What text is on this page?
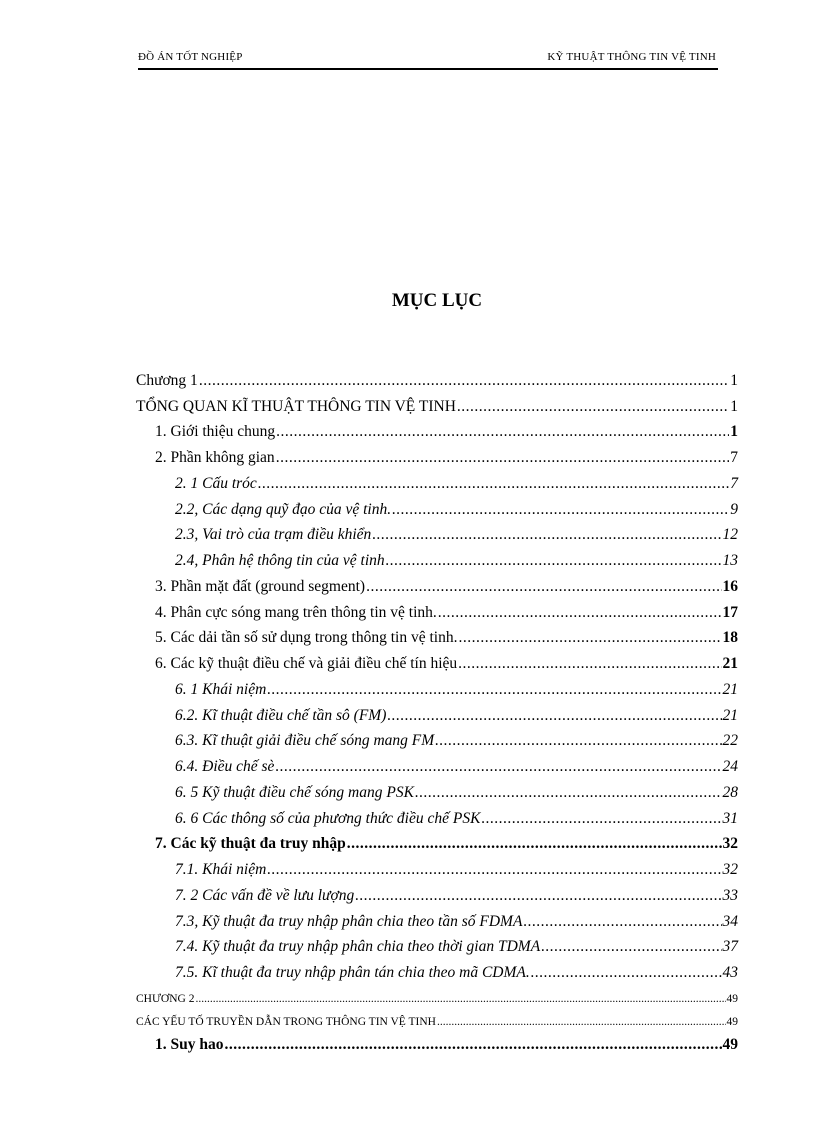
ĐỒ ÁN TỐT NGHIỆP	KỸ THUẬT THÔNG TIN VỆ TINH
MỤC LỤC
Chương 1 .....	1
TỔNG QUAN KĨ THUẬT THÔNG TIN VỆ TINH .....	1
1. Giới thiệu chung .....	1
2. Phần không gian .....	7
2. 1 Cấu tróc .....	7
2.2, Các dạng quỹ đạo của vệ tinh. .....	9
2.3, Vai trò của trạm điều khiển .....	12
2.4, Phân hệ thông tin của vệ tinh .....	13
3. Phần mặt đất (ground segment) .....	16
4. Phân cực sóng mang trên thông tin vệ tinh. .....	17
5. Các dải tần số sử dụng trong thông tin vệ tinh. .....	18
6. Các kỹ thuật điều chế và giải điều chế tín hiệu .....	21
6. 1 Khái niệm .....	21
6.2. Kĩ thuật điều chế tần sô (FM) .....	21
6.3. Kĩ thuật giải điều chế sóng mang FM .....	22
6.4. Điều chế sè .....	24
6. 5 Kỹ thuật điều chế sóng mang PSK .....	28
6. 6 Các thông số của phương thức điều chế PSK .....	31
7. Các kỹ thuật đa truy nhập .....	32
7.1. Khái niệm .....	32
7. 2 Các vấn đề về lưu lượng .....	33
7.3, Kỹ thuật đa truy nhập phân chia theo tần số FDMA .....	34
7.4. Kỹ thuật đa truy nhập phân chia theo thời gian TDMA .....	37
7.5. Kĩ thuật đa truy nhập phân tán chia theo mã CDMA. .....	43
CHƯƠNG 2 .....	49
CÁC YẾU TỐ TRUYỀN DẪN TRONG THÔNG TIN VỆ TINH .....	49
1. Suy hao .....	49
